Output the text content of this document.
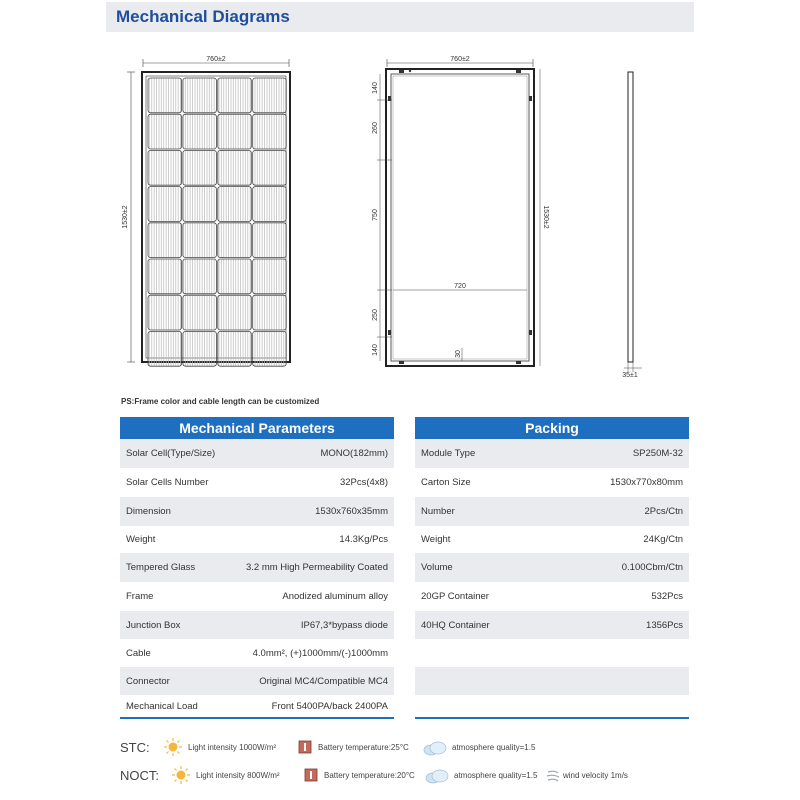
Mechanical Diagrams
760±2
1530±2
760±2
140
260
750
250
140
720
30
1530±2
35±1
PS:Frame color and cable length can be customized
Mechanical Parameters	
Solar Cell(Type/Size)	MONO(182mm)
Solar Cells Number	32Pcs(4x8)
Dimension	1530x760x35mm
Weight	14.3Kg/Pcs
Tempered Glass	3.2 mm High Permeability Coated
Frame	Anodized aluminum alloy
Junction Box	IP67,3*bypass diode
Cable	4.0mm², (+)1000mm/(-)1000mm
Connector	Original MC4/Compatible MC4
Mechanical Load	Front 5400PA/back 2400PA
Packing	
Module Type	SP250M-32
Carton Size	1530x770x80mm
Number	2Pcs/Ctn
Weight	24Kg/Ctn
Volume	0.100Cbm/Ctn
20GP Container	532Pcs
40HQ Container	1356Pcs

STC:	Light intensity 1000W/m²	Battery temperature:25°C	atmosphere quality=1.5
NOCT:	Light intensity 800W/m²	Battery temperature:20°C	atmosphere quality=1.5	wind velocity 1m/s
